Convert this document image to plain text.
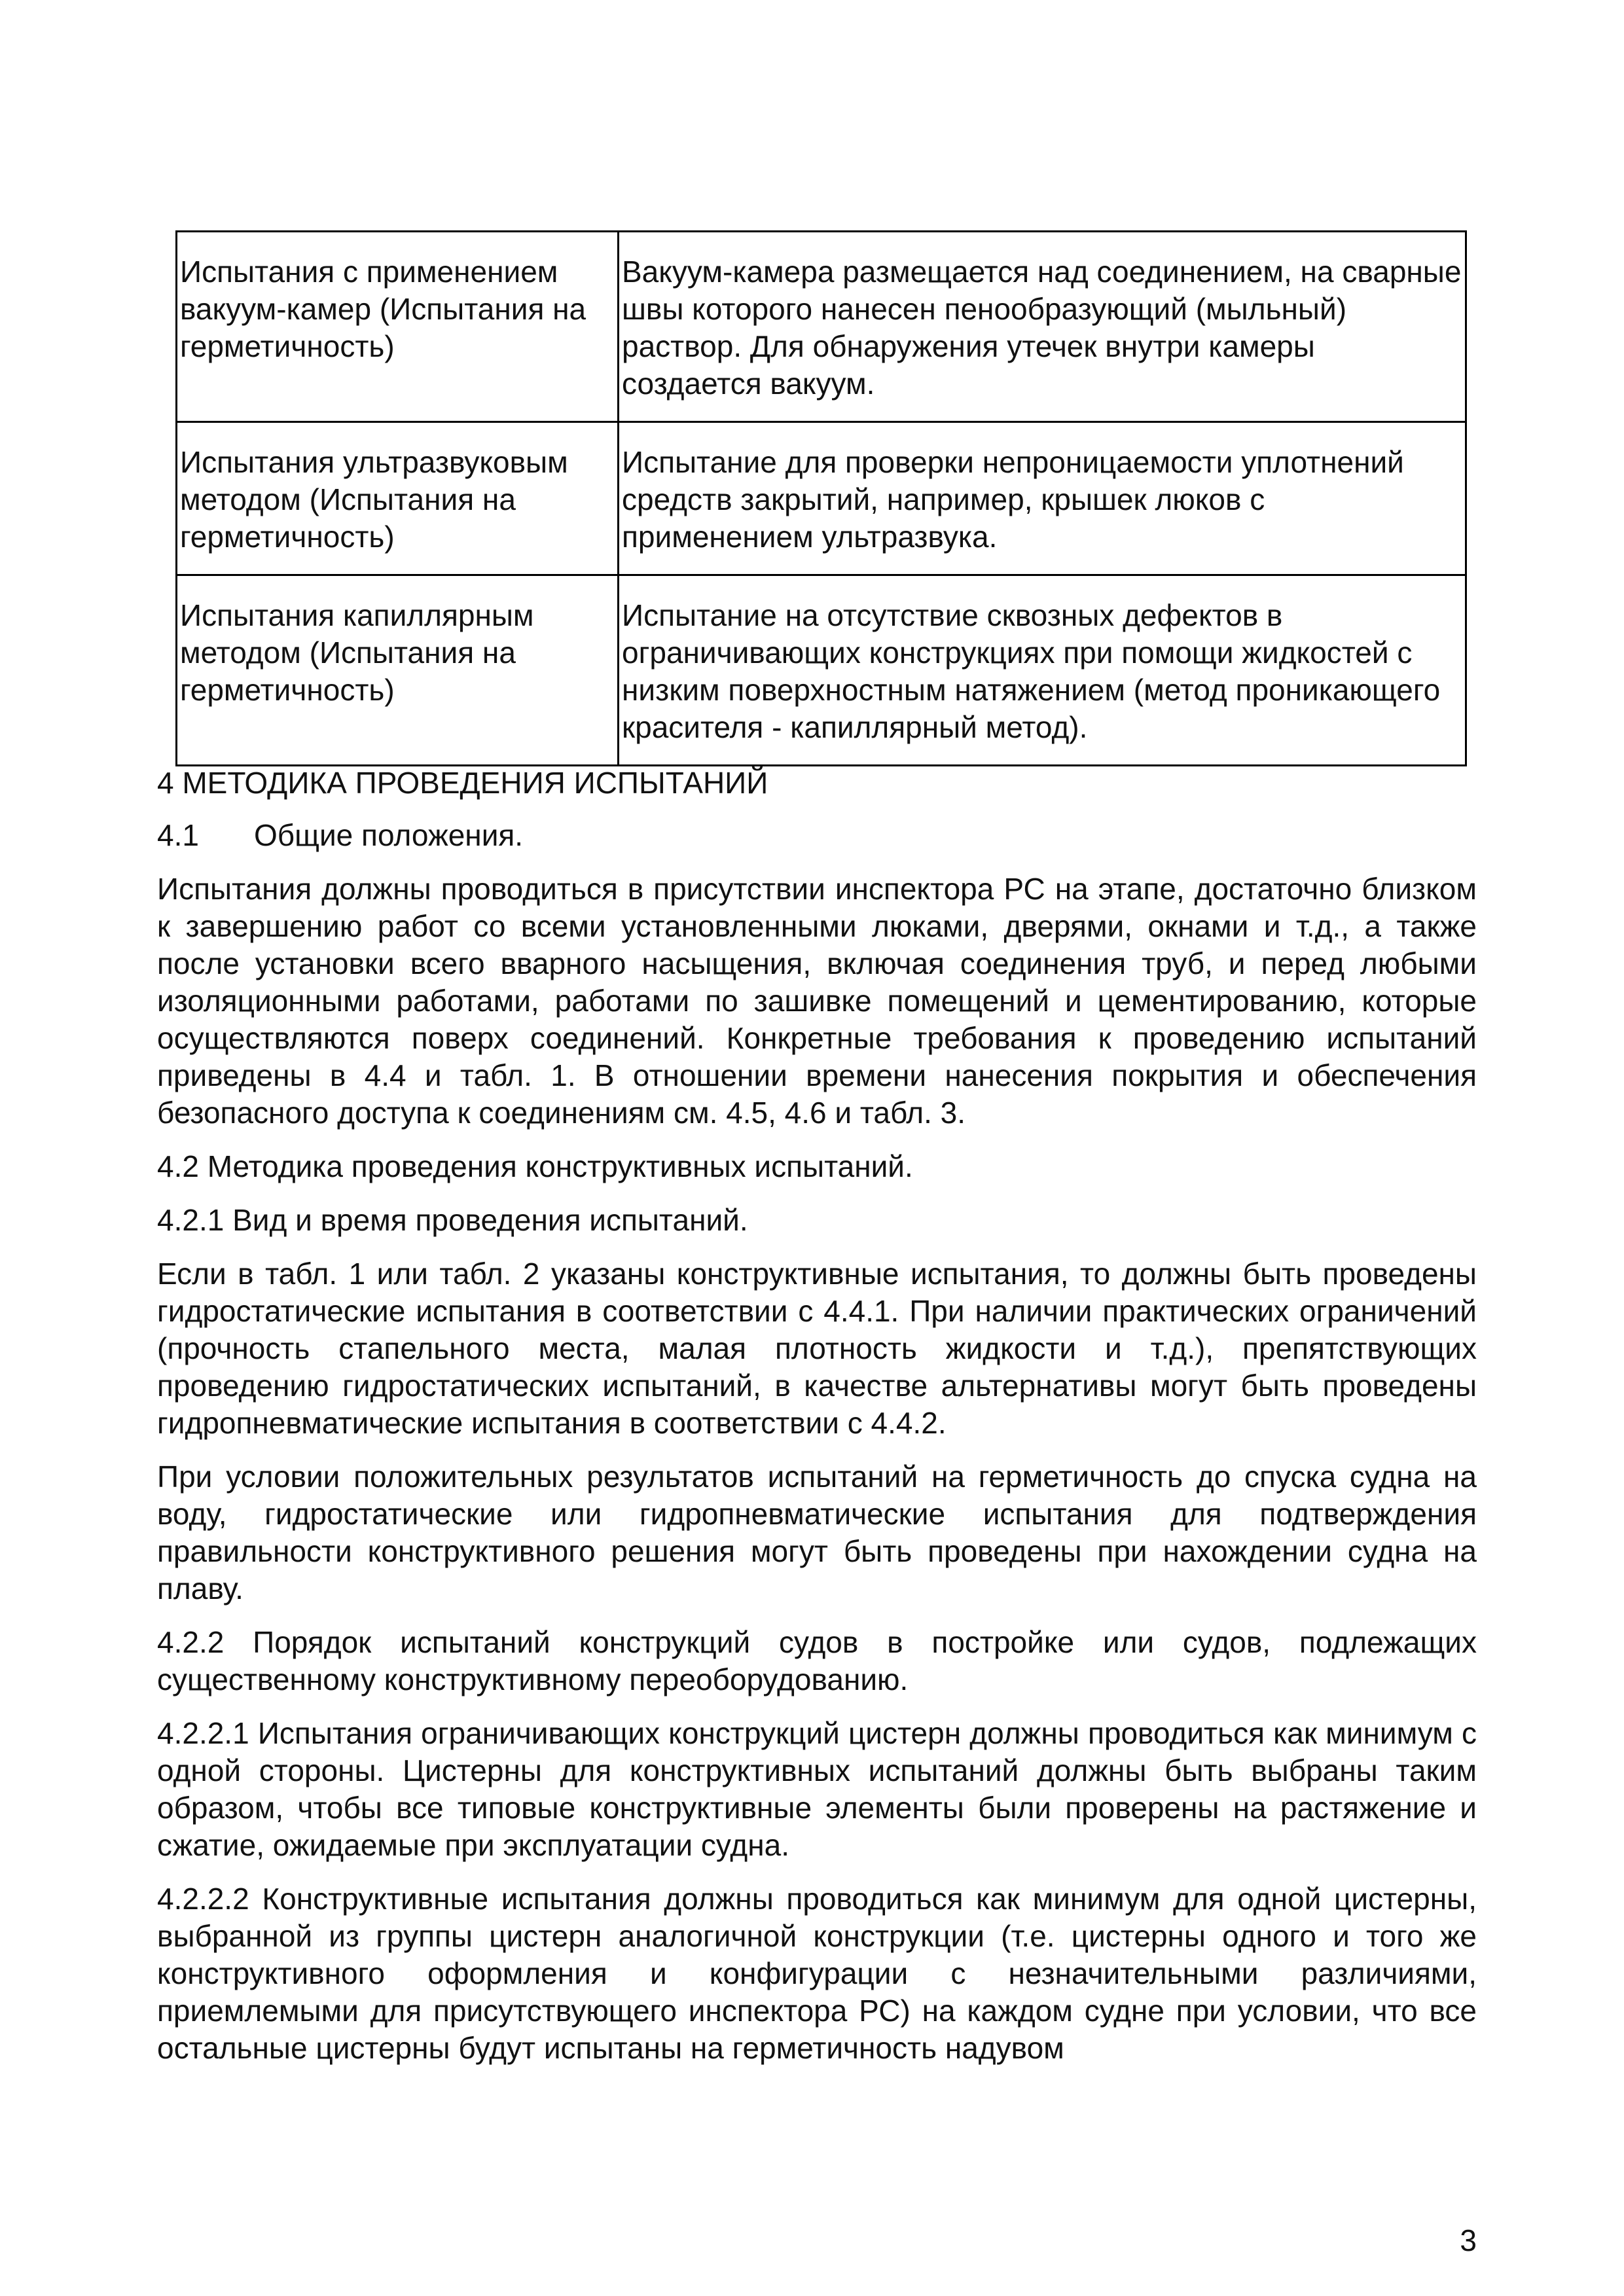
Испытания с применением вакуум-камер (Испытания на герметичность)	Вакуум-камера размещается над соединением, на сварные швы которого нанесен пенообразующий (мыльный) раствор. Для обнаружения утечек внутри камеры создается вакуум.
Испытания ультразвуковым методом (Испытания на герметичность)	Испытание для проверки непроницаемости уплотнений средств закрытий, например, крышек люков с применением ультразвука.
Испытания капиллярным методом (Испытания на герметичность)	Испытание на отсутствие сквозных дефектов в ограничивающих конструкциях при помощи жидкостей с низким поверхностным натяжением (метод проникающего красителя - капиллярный метод).

4 МЕТОДИКА ПРОВЕДЕНИЯ ИСПЫТАНИЙ

4.1 Общие положения.

Испытания должны проводиться в присутствии инспектора РС на этапе, достаточно близком к завершению работ со всеми установленными люками, дверями, окнами и т.д., а также после установки всего вварного насыщения, включая соединения труб, и перед любыми изоляционными работами, работами по зашивке помещений и цементированию, которые осуществляются поверх соединений. Конкретные требования к проведению испытаний приведены в 4.4 и табл. 1. В отношении времени нанесения покрытия и обеспечения безопасного доступа к соединениям см. 4.5, 4.6 и табл. 3.

4.2 Методика проведения конструктивных испытаний.

4.2.1 Вид и время проведения испытаний.

Если в табл. 1 или табл. 2 указаны конструктивные испытания, то должны быть проведены гидростатические испытания в соответствии с 4.4.1. При наличии практических ограничений (прочность стапельного места, малая плотность жидкости и т.д.), препятствующих проведению гидростатических испытаний, в качестве альтернативы могут быть проведены гидропневматические испытания в соответствии с 4.4.2.

При условии положительных результатов испытаний на герметичность до спуска судна на воду, гидростатические или гидропневматические испытания для подтверждения правильности конструктивного решения могут быть проведены при нахождении судна на плаву.

4.2.2 Порядок испытаний конструкций судов в постройке или судов, подлежащих существенному конструктивному переоборудованию.

4.2.2.1 Испытания ограничивающих конструкций цистерн должны проводиться как минимум с одной стороны. Цистерны для конструктивных испытаний должны быть выбраны таким образом, чтобы все типовые конструктивные элементы были проверены на растяжение и сжатие, ожидаемые при эксплуатации судна.

4.2.2.2 Конструктивные испытания должны проводиться как минимум для одной цистерны, выбранной из группы цистерн аналогичной конструкции (т.е. цистерны одного и того же конструктивного оформления и конфигурации с незначительными различиями, приемлемыми для присутствующего инспектора РС) на каждом судне при условии, что все остальные цистерны будут испытаны на герметичность надувом

3
